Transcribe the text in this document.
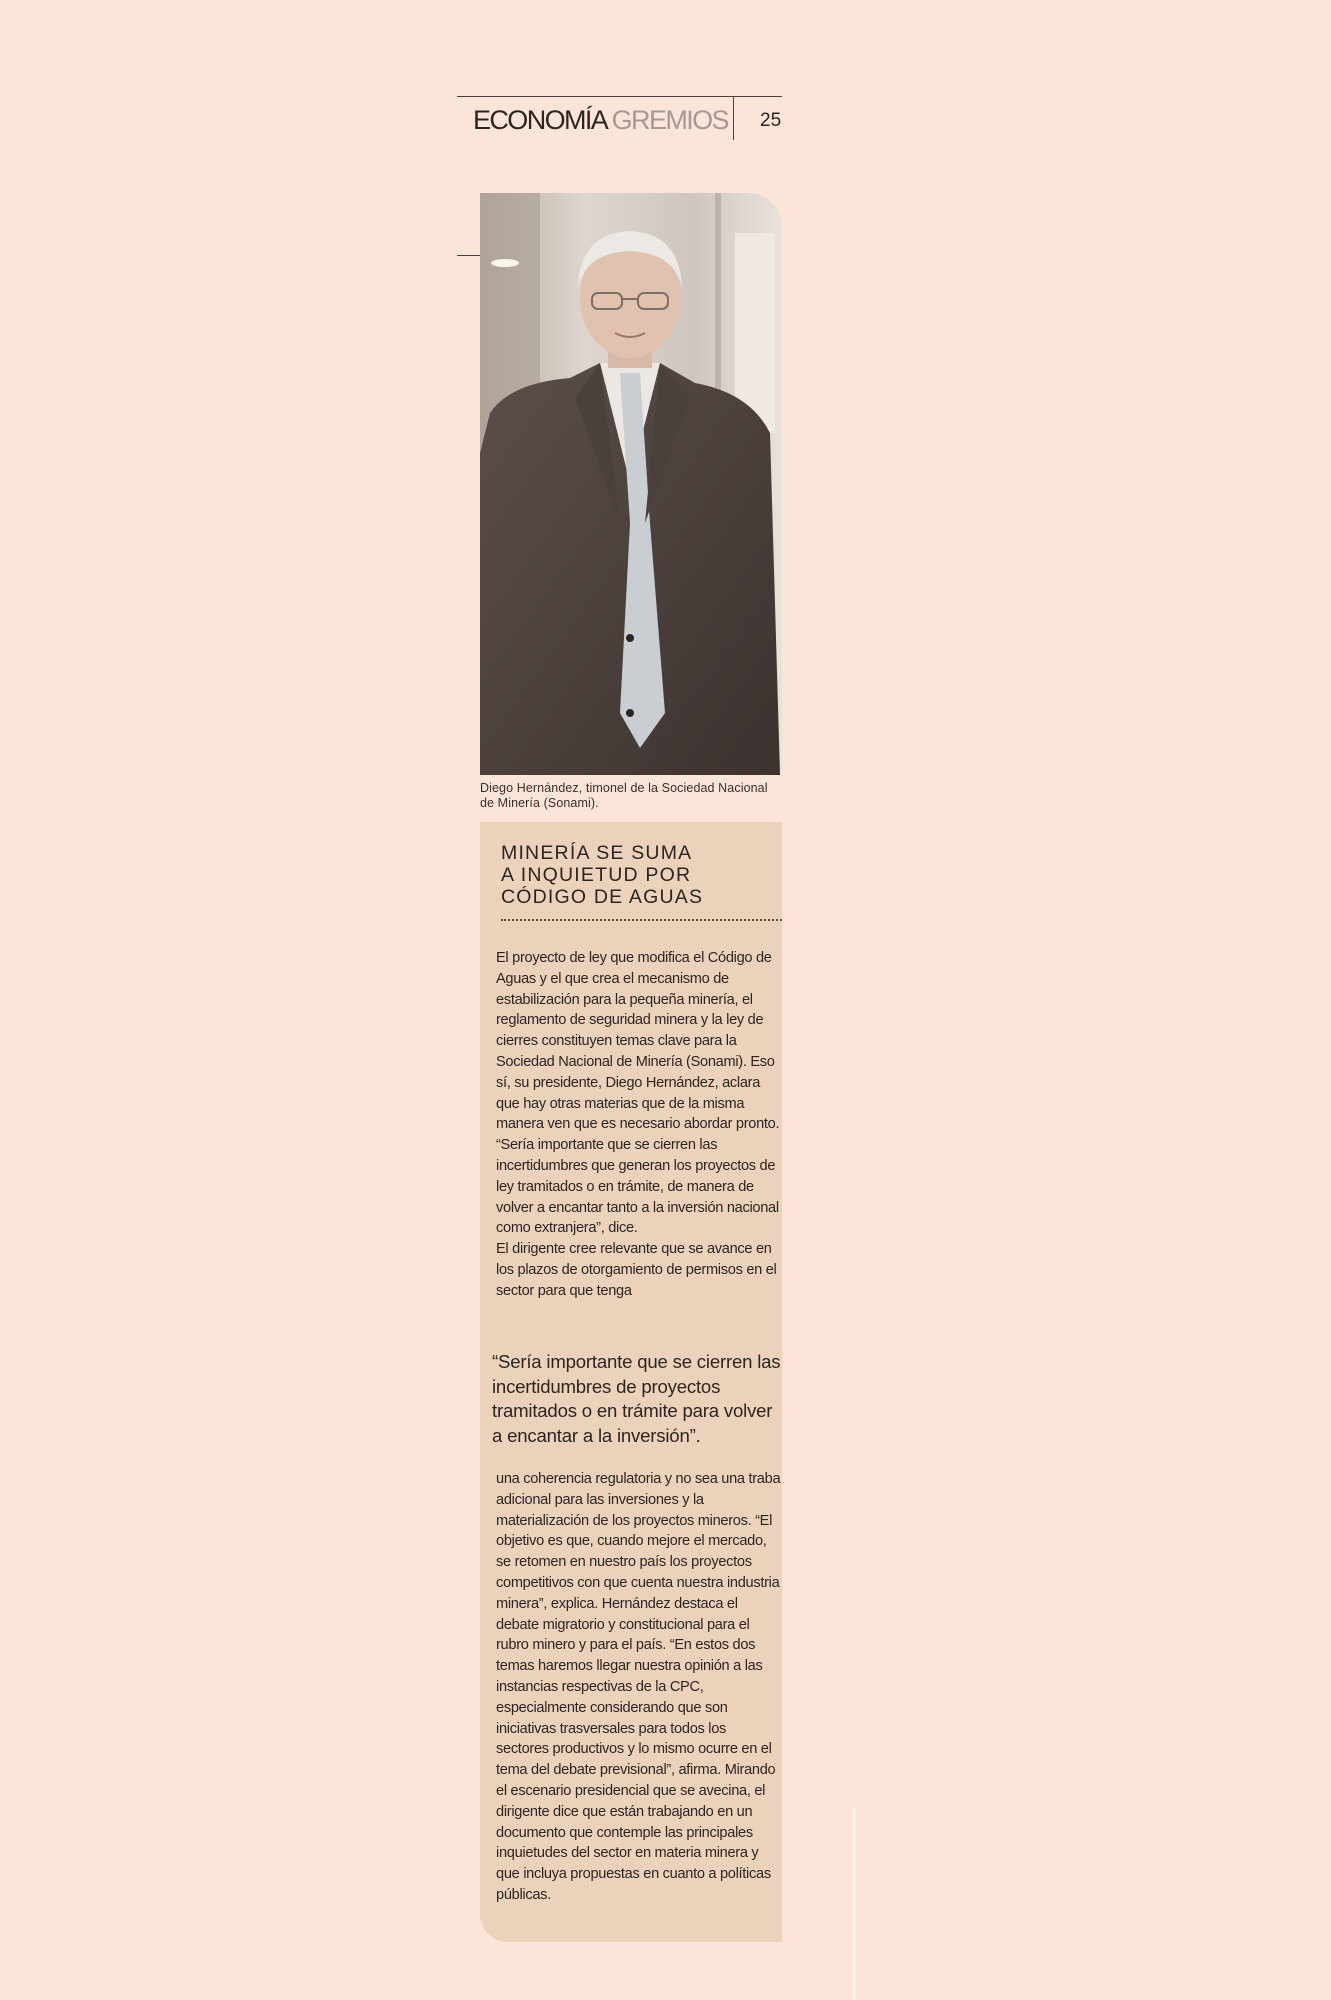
ECONOMÍA GREMIOS 25
Diego Hernández, timonel de la Sociedad Nacional de Minería (Sonami).
MINERÍA SE SUMA
A INQUIETUD POR
CÓDIGO DE AGUAS

El proyecto de ley que modifica el Código de Aguas y el que crea el mecanismo de estabilización para la pequeña minería, el reglamento de seguridad minera y la ley de cierres constituyen temas clave para la Sociedad Nacional de Minería (Sonami). Eso sí, su presidente, Diego Hernández, aclara que hay otras materias que de la misma manera ven que es necesario abordar pronto. “Sería importante que se cierren las incertidumbres que generan los proyectos de ley tramitados o en trámite, de manera de volver a encantar tanto a la inversión nacional como extranjera”, dice.

El dirigente cree relevante que se avance en los plazos de otorgamiento de permisos en el sector para que tenga

“Sería importante que se cierren las incertidumbres de proyectos tramitados o en trámite para volver a encantar a la inversión”.

una coherencia regulatoria y no sea una traba adicional para las inversiones y la materialización de los proyectos mineros. “El objetivo es que, cuando mejore el mercado, se retomen en nuestro país los proyectos competitivos con que cuenta nuestra industria minera”, explica. Hernández destaca el debate migratorio y constitucional para el rubro minero y para el país. “En estos dos temas haremos llegar nuestra opinión a las instancias respectivas de la CPC, especialmente considerando que son iniciativas trasversales para todos los sectores productivos y lo mismo ocurre en el tema del debate previsional”, afirma. Mirando el escenario presidencial que se avecina, el dirigente dice que están trabajando en un documento que contemple las principales inquietudes del sector en materia minera y que incluya propuestas en cuanto a políticas públicas.
